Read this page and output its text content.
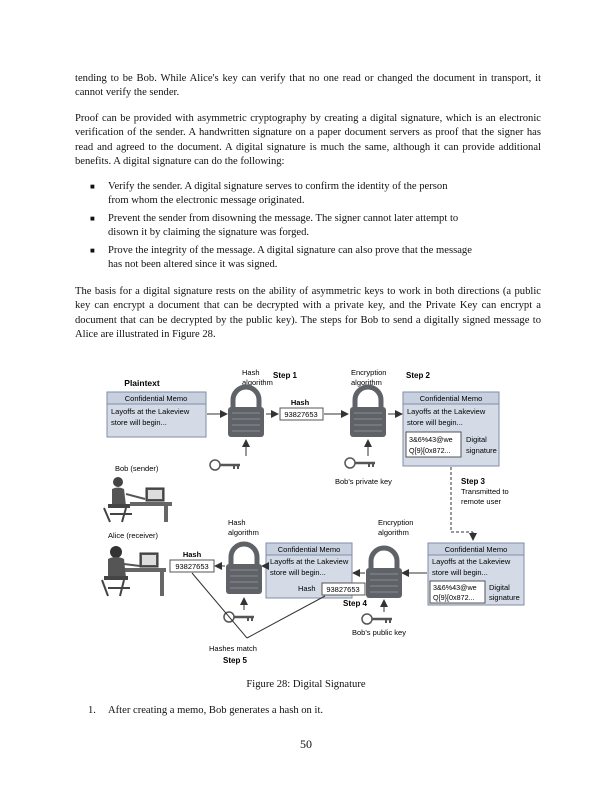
tending to be Bob. While Alice's key can verify that no one read or changed the document in transport, it cannot verify the sender.

Proof can be provided with asymmetric cryptography by creating a digital signature, which is an electronic verification of the sender. A handwritten signature on a paper document servers as proof that the signer has read and agreed to the document. A digital signature is much the same, although it can provide additional benefits. A digital signature can do the following:

■ Verify the sender. A digital signature serves to confirm the identity of the person
from whom the electronic message originated.
■ Prevent the sender from disowning the message. The signer cannot later attempt to
disown it by claiming the signature was forged.
■ Prove the integrity of the message. A digital signature can also prove that the message
has not been altered since it was signed.

The basis for a digital signature rests on the ability of asymmetric keys to work in both directions (a public key can encrypt a document that can be decrypted with a private key, and the Private Key can encrypt a document that can be decrypted by the public key). The steps for Bob to send a digitally signed message to Alice are illustrated in Figure 28.

Plaintext
Confidential Memo
Layoffs at the Lakeview
store will begin...
Hash
algorithm
Step 1
Hash
93827653
Encryption
algorithm
Step 2
Bob's private key
Confidential Memo
Layoffs at the Lakeview
store will begin...
3&6%43@we
Q[9}[0x872...
Digital
signature
Bob (sender)
Step 3
Transmitted to
remote user
Confidential Memo
Layoffs at the Lakeview
store will begin...
3&6%43@we
Q[9}[0x872...
Digital
signature
Encryption
algorithm
Bob's public key
Confidential Memo
Layoffs at the Lakeview
store will begin...
Hash 93827653
Step 4
Hash
algorithm
Hash
93827653
Hashes match
Step 5
Alice (receiver)
Figure 28: Digital Signature
1. After creating a memo, Bob generates a hash on it.
50
